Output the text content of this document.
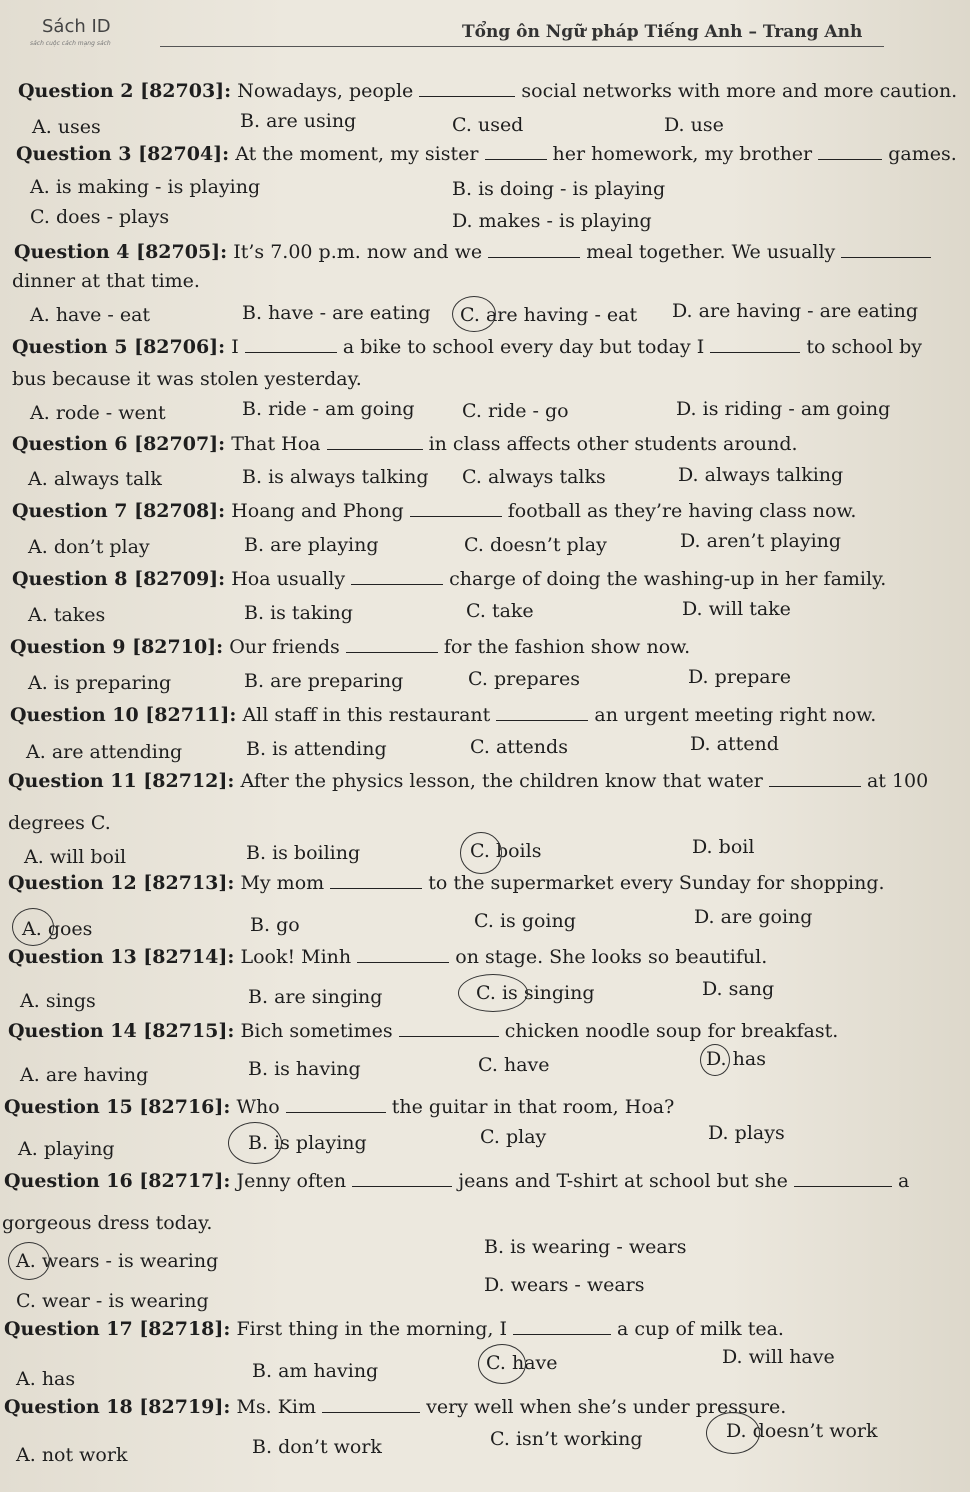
Sách ID
sách cuộc cách mạng sách
Tổng ôn Ngữ pháp Tiếng Anh – Trang Anh
Question 2 [82703]: Nowadays, people	social networks with more and more caution.
A. uses	B. are using	C. used	D. use
Question 3 [82704]: At the moment, my sister	her homework, my brother	games.
A. is making - is playing	B. is doing - is playing
C. does - plays	D. makes - is playing
Question 4 [82705]: It’s 7.00 p.m. now and we	meal together. We usually
dinner at that time.
A. have - eat	B. have - are eating C. are having - eat D. are having - are eating
Question 5 [82706]: I	a bike to school every day but today I	to school by
bus because it was stolen yesterday.
A. rode - went	B. ride - am going C. ride - go	D. is riding - am going
Question 6 [82707]: That Hoa	in class affects other students around.
A. always talk	B. is always talking C. always talks	D. always talking
Question 7 [82708]: Hoang and Phong	football as they’re having class now.
A. don’t play	B. are playing	C. doesn’t play	D. aren’t playing
Question 8 [82709]: Hoa usually	charge of doing the washing-up in her family.
A. takes	B. is taking	C. take	D. will take
Question 9 [82710]: Our friends	for the fashion show now.
A. is preparing	B. are preparing	C. prepares	D. prepare
Question 10 [82711]: All staff in this restaurant	an urgent meeting right now.
A. are attending	B. is attending	C. attends	D. attend
Question 11 [82712]: After the physics lesson, the children know that water	at 100
degrees C.
A. will boil	B. is boiling	C. boils	D. boil
Question 12 [82713]: My mom	to the supermarket every Sunday for shopping.
A. goes	B. go	C. is going	D. are going
Question 13 [82714]: Look! Minh	on stage. She looks so beautiful.
A. sings	B. are singing	C. is singing	D. sang
Question 14 [82715]: Bich sometimes	chicken noodle soup for breakfast.
A. are having	B. is having	C. have	D. has
Question 15 [82716]: Who	the guitar in that room, Hoa?
A. playing	B. is playing	C. play	D. plays
Question 16 [82717]: Jenny often	jeans and T-shirt at school but she	a
gorgeous dress today.
A. wears - is wearing
B. is wearing - wears
C. wear - is wearing
D. wears - wears
Question 17 [82718]: First thing in the morning, I	a cup of milk tea.
A. has	B. am having	C. have	D. will have
Question 18 [82719]: Ms. Kim	very well when she’s under pressure.
A. not work	B. don’t work	C. isn’t working	D. doesn’t work
